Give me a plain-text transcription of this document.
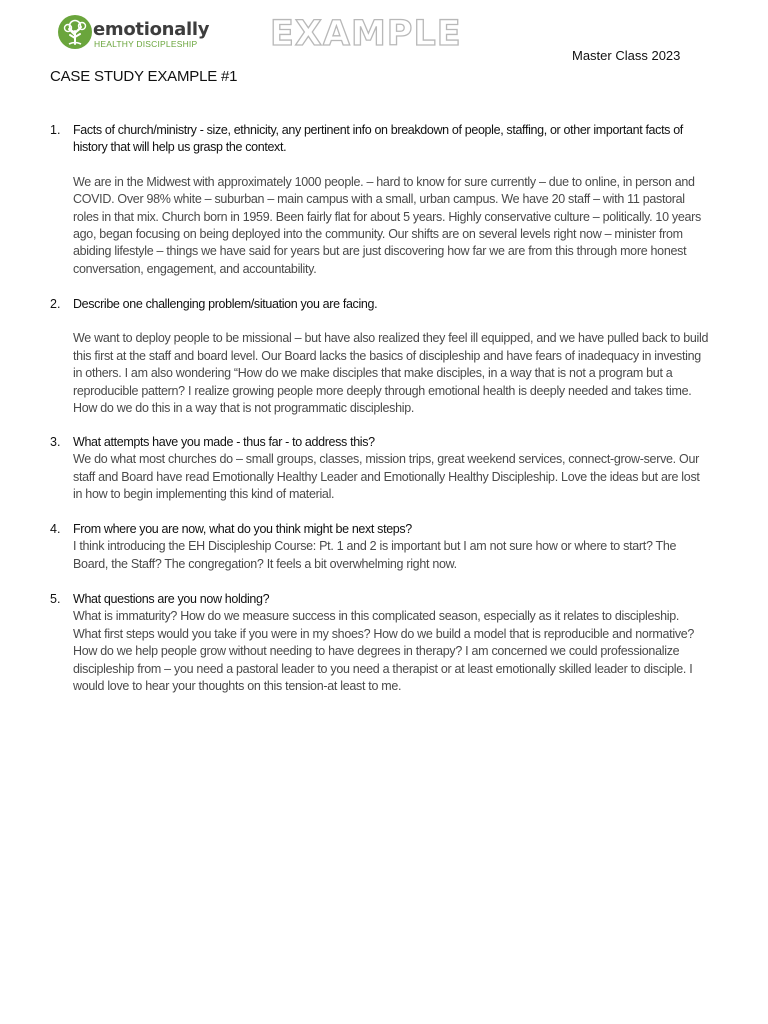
emotionally
HEALTHY DISCIPLESHIP EXAMPLE
Master Class 2023
CASE STUDY EXAMPLE #1
1.	Facts of church/ministry - size, ethnicity, any pertinent info on breakdown of people, staffing, or other important facts of history that will help us grasp the context.
We are in the Midwest with approximately 1000 people. – hard to know for sure currently – due to online, in person and COVID. Over 98% white – suburban – main campus with a small, urban campus. We have 20 staff – with 11 pastoral roles in that mix. Church born in 1959. Been fairly flat for about 5 years. Highly conservative culture – politically. 10 years ago, began focusing on being deployed into the community. Our shifts are on several levels right now – minister from abiding lifestyle – things we have said for years but are just discovering how far we are from this through more honest conversation, engagement, and accountability.
2.	Describe one challenging problem/situation you are facing.
We want to deploy people to be missional – but have also realized they feel ill equipped, and we have pulled back to build this first at the staff and board level. Our Board lacks the basics of discipleship and have fears of inadequacy in investing in others. I am also wondering “How do we make disciples that make disciples, in a way that is not a program but a reproducible pattern? I realize growing people more deeply through emotional health is deeply needed and takes time. How do we do this in a way that is not programmatic discipleship.
3.	What attempts have you made - thus far - to address this?
We do what most churches do – small groups, classes, mission trips, great weekend services, connect-grow-serve. Our staff and Board have read Emotionally Healthy Leader and Emotionally Healthy Discipleship. Love the ideas but are lost in how to begin implementing this kind of material.
4.	From where you are now, what do you think might be next steps?
I think introducing the EH Discipleship Course: Pt. 1 and 2 is important but I am not sure how or where to start? The Board, the Staff? The congregation? It feels a bit overwhelming right now.
5.	What questions are you now holding?
What is immaturity? How do we measure success in this complicated season, especially as it relates to discipleship. What first steps would you take if you were in my shoes? How do we build a model that is reproducible and normative? How do we help people grow without needing to have degrees in therapy? I am concerned we could professionalize discipleship from – you need a pastoral leader to you need a therapist or at least emotionally skilled leader to disciple. I would love to hear your thoughts on this tension-at least to me.
